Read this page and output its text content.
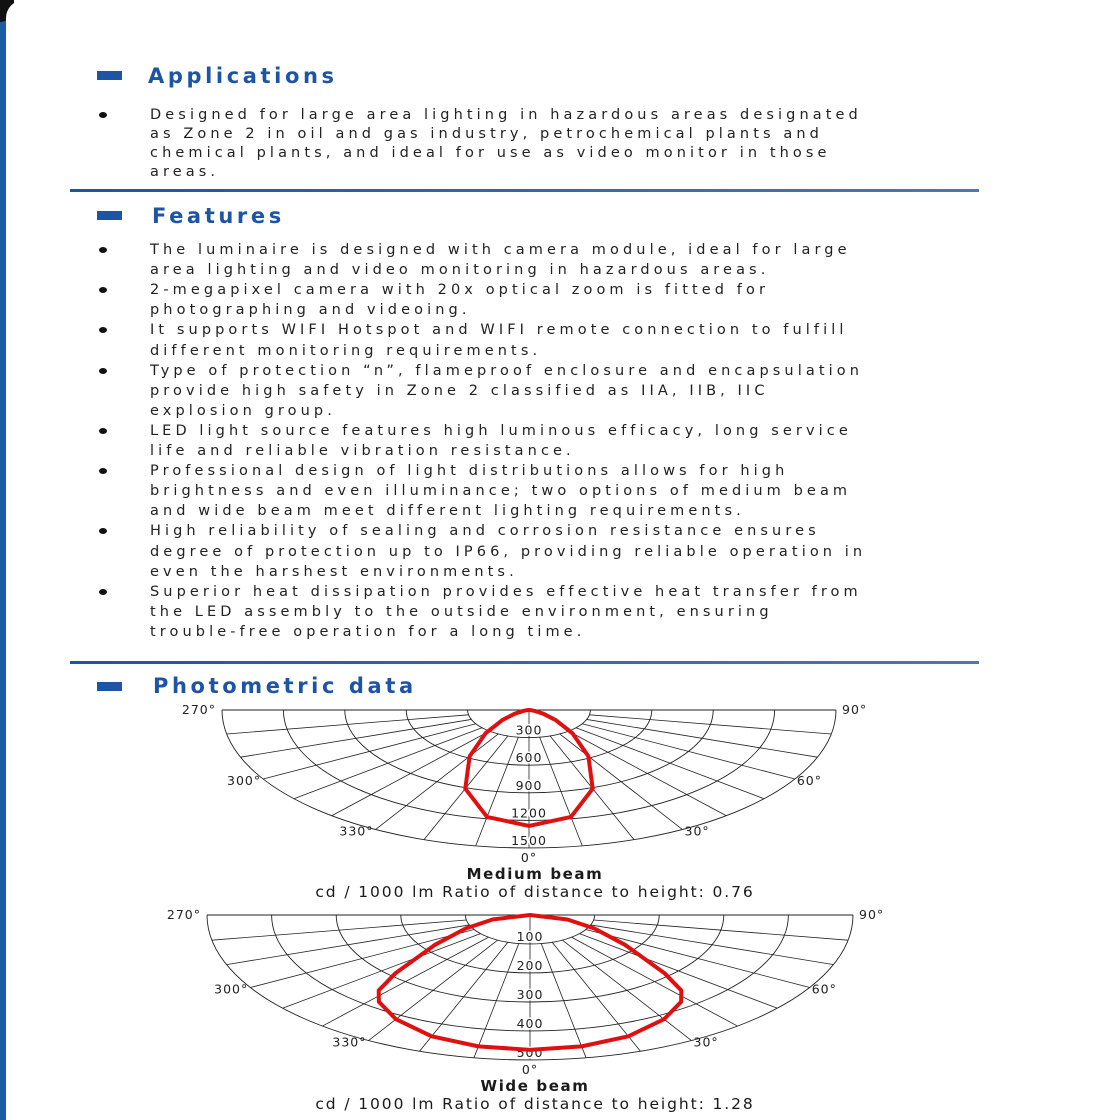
Applications
Designed for large area lighting in hazardous areas designated
as Zone 2 in oil and gas industry, petrochemical plants and
chemical plants, and ideal for use as video monitor in those
areas.
Features
The luminaire is designed with camera module, ideal for large
area lighting and video monitoring in hazardous areas.
2-megapixel camera with 20x optical zoom is fitted for
photographing and videoing.
It supports WIFI Hotspot and WIFI remote connection to fulfill
different monitoring requirements.
Type of protection “n”, flameproof enclosure and encapsulation
provide high safety in Zone 2 classified as IIA, IIB, IIC
explosion group.
LED light source features high luminous efficacy, long service
life and reliable vibration resistance.
Professional design of light distributions allows for high
brightness and even illuminance; two options of medium beam
and wide beam meet different lighting requirements.
High reliability of sealing and corrosion resistance ensures
degree of protection up to IP66, providing reliable operation in
even the harshest environments.
Superior heat dissipation provides effective heat transfer from
the LED assembly to the outside environment, ensuring
trouble-free operation for a long time.
Photometric data
300
600
900
1200
1500
270°
300°
330°
0°
30°
60°
90°
100
200
300
400
500
270°
300°
330°
0°
30°
60°
90°
Medium beam
cd / 1000 lm Ratio of distance to height: 0.76
Wide beam
cd / 1000 lm Ratio of distance to height: 1.28
